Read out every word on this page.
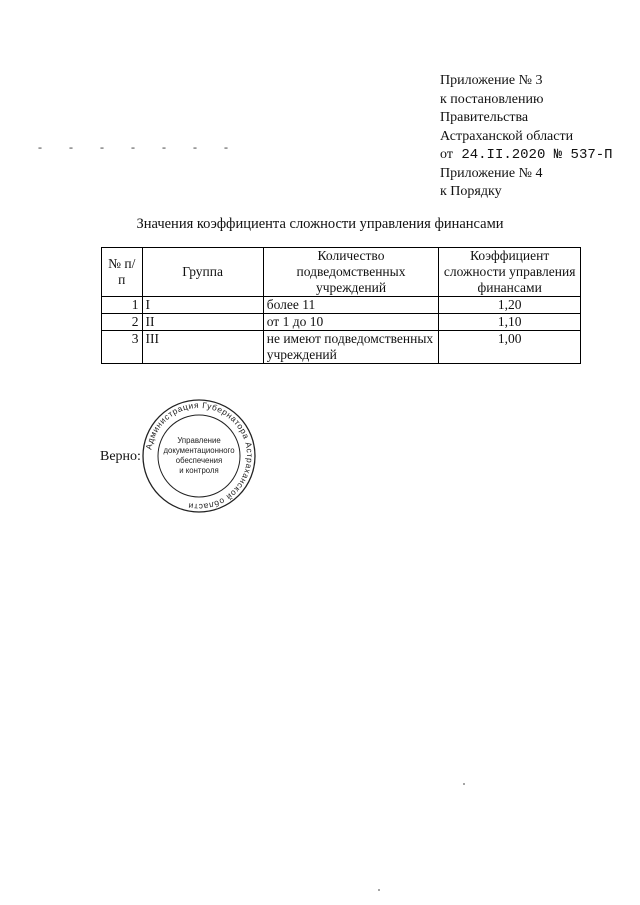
Приложение № 3
к постановлению
Правительства
Астраханской области
от 24.II.2020 № 537-П
Приложение № 4
к Порядку
- - - - - - -
Значения коэффициента сложности управления финансами
№ п/п	Группа	Количество подведомственных учреждений	Коэффициент сложности управления финансами
1	I	более 11	1,20
2	II	от 1 до 10	1,10
3	III	не имеют подведомственных учреждений	1,00
Верно:
Администрация Губернатора Астраханской области
Управление
документационного
обеспечения
и контроля
